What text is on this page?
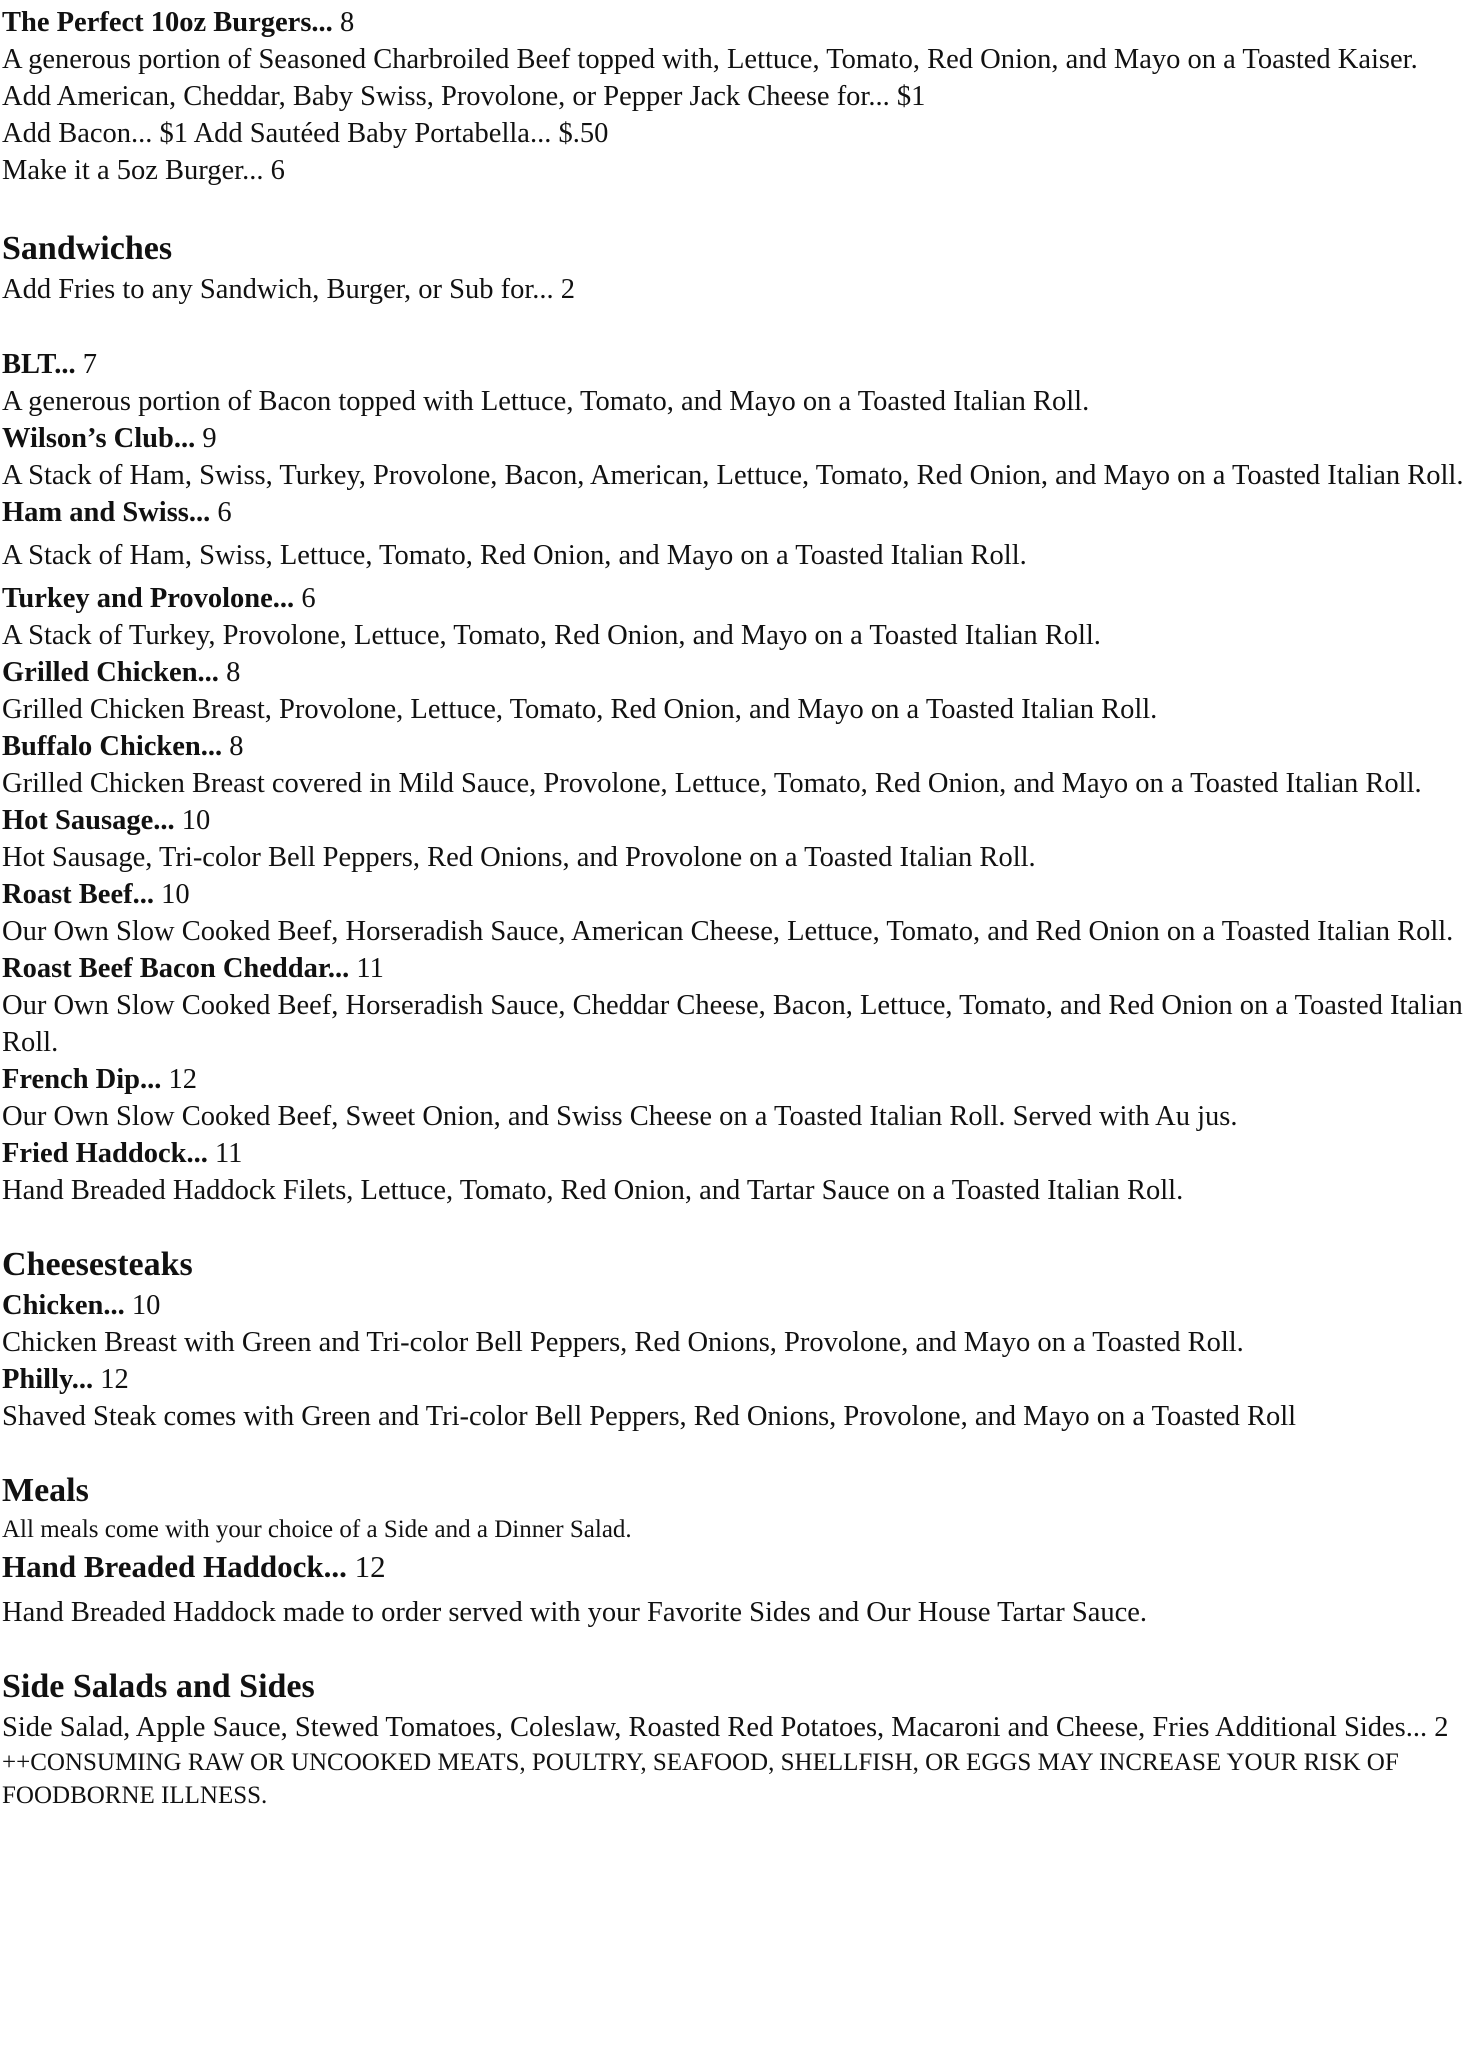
The Perfect 10oz Burgers... 8
A generous portion of Seasoned Charbroiled Beef topped with, Lettuce, Tomato, Red Onion, and Mayo on a Toasted Kaiser.
Add American, Cheddar, Baby Swiss, Provolone, or Pepper Jack Cheese for... $1
Add Bacon... $1 Add Sautéed Baby Portabella... $.50
Make it a 5oz Burger... 6
Sandwiches
Add Fries to any Sandwich, Burger, or Sub for... 2
BLT... 7
A generous portion of Bacon topped with Lettuce, Tomato, and Mayo on a Toasted Italian Roll.
Wilson’s Club... 9
A Stack of Ham, Swiss, Turkey, Provolone, Bacon, American, Lettuce, Tomato, Red Onion, and Mayo on a Toasted Italian Roll.
Ham and Swiss... 6
A Stack of Ham, Swiss, Lettuce, Tomato, Red Onion, and Mayo on a Toasted Italian Roll.
Turkey and Provolone... 6
A Stack of Turkey, Provolone, Lettuce, Tomato, Red Onion, and Mayo on a Toasted Italian Roll.
Grilled Chicken... 8
Grilled Chicken Breast, Provolone, Lettuce, Tomato, Red Onion, and Mayo on a Toasted Italian Roll.
Buffalo Chicken... 8
Grilled Chicken Breast covered in Mild Sauce, Provolone, Lettuce, Tomato, Red Onion, and Mayo on a Toasted Italian Roll.
Hot Sausage... 10
Hot Sausage, Tri-color Bell Peppers, Red Onions, and Provolone on a Toasted Italian Roll.
Roast Beef... 10
Our Own Slow Cooked Beef, Horseradish Sauce, American Cheese, Lettuce, Tomato, and Red Onion on a Toasted Italian Roll.
Roast Beef Bacon Cheddar... 11
Our Own Slow Cooked Beef, Horseradish Sauce, Cheddar Cheese, Bacon, Lettuce, Tomato, and Red Onion on a Toasted Italian Roll.
French Dip... 12
Our Own Slow Cooked Beef, Sweet Onion, and Swiss Cheese on a Toasted Italian Roll. Served with Au jus.
Fried Haddock... 11
Hand Breaded Haddock Filets, Lettuce, Tomato, Red Onion, and Tartar Sauce on a Toasted Italian Roll.
Cheesesteaks
Chicken... 10
Chicken Breast with Green and Tri-color Bell Peppers, Red Onions, Provolone, and Mayo on a Toasted Roll.
Philly... 12
Shaved Steak comes with Green and Tri-color Bell Peppers, Red Onions, Provolone, and Mayo on a Toasted Roll
Meals
All meals come with your choice of a Side and a Dinner Salad.
Hand Breaded Haddock... 12
Hand Breaded Haddock made to order served with your Favorite Sides and Our House Tartar Sauce.
Side Salads and Sides
Side Salad, Apple Sauce, Stewed Tomatoes, Coleslaw, Roasted Red Potatoes, Macaroni and Cheese, Fries Additional Sides... 2
++CONSUMING RAW OR UNCOOKED MEATS, POULTRY, SEAFOOD, SHELLFISH, OR EGGS MAY INCREASE YOUR RISK OF FOODBORNE ILLNESS.
